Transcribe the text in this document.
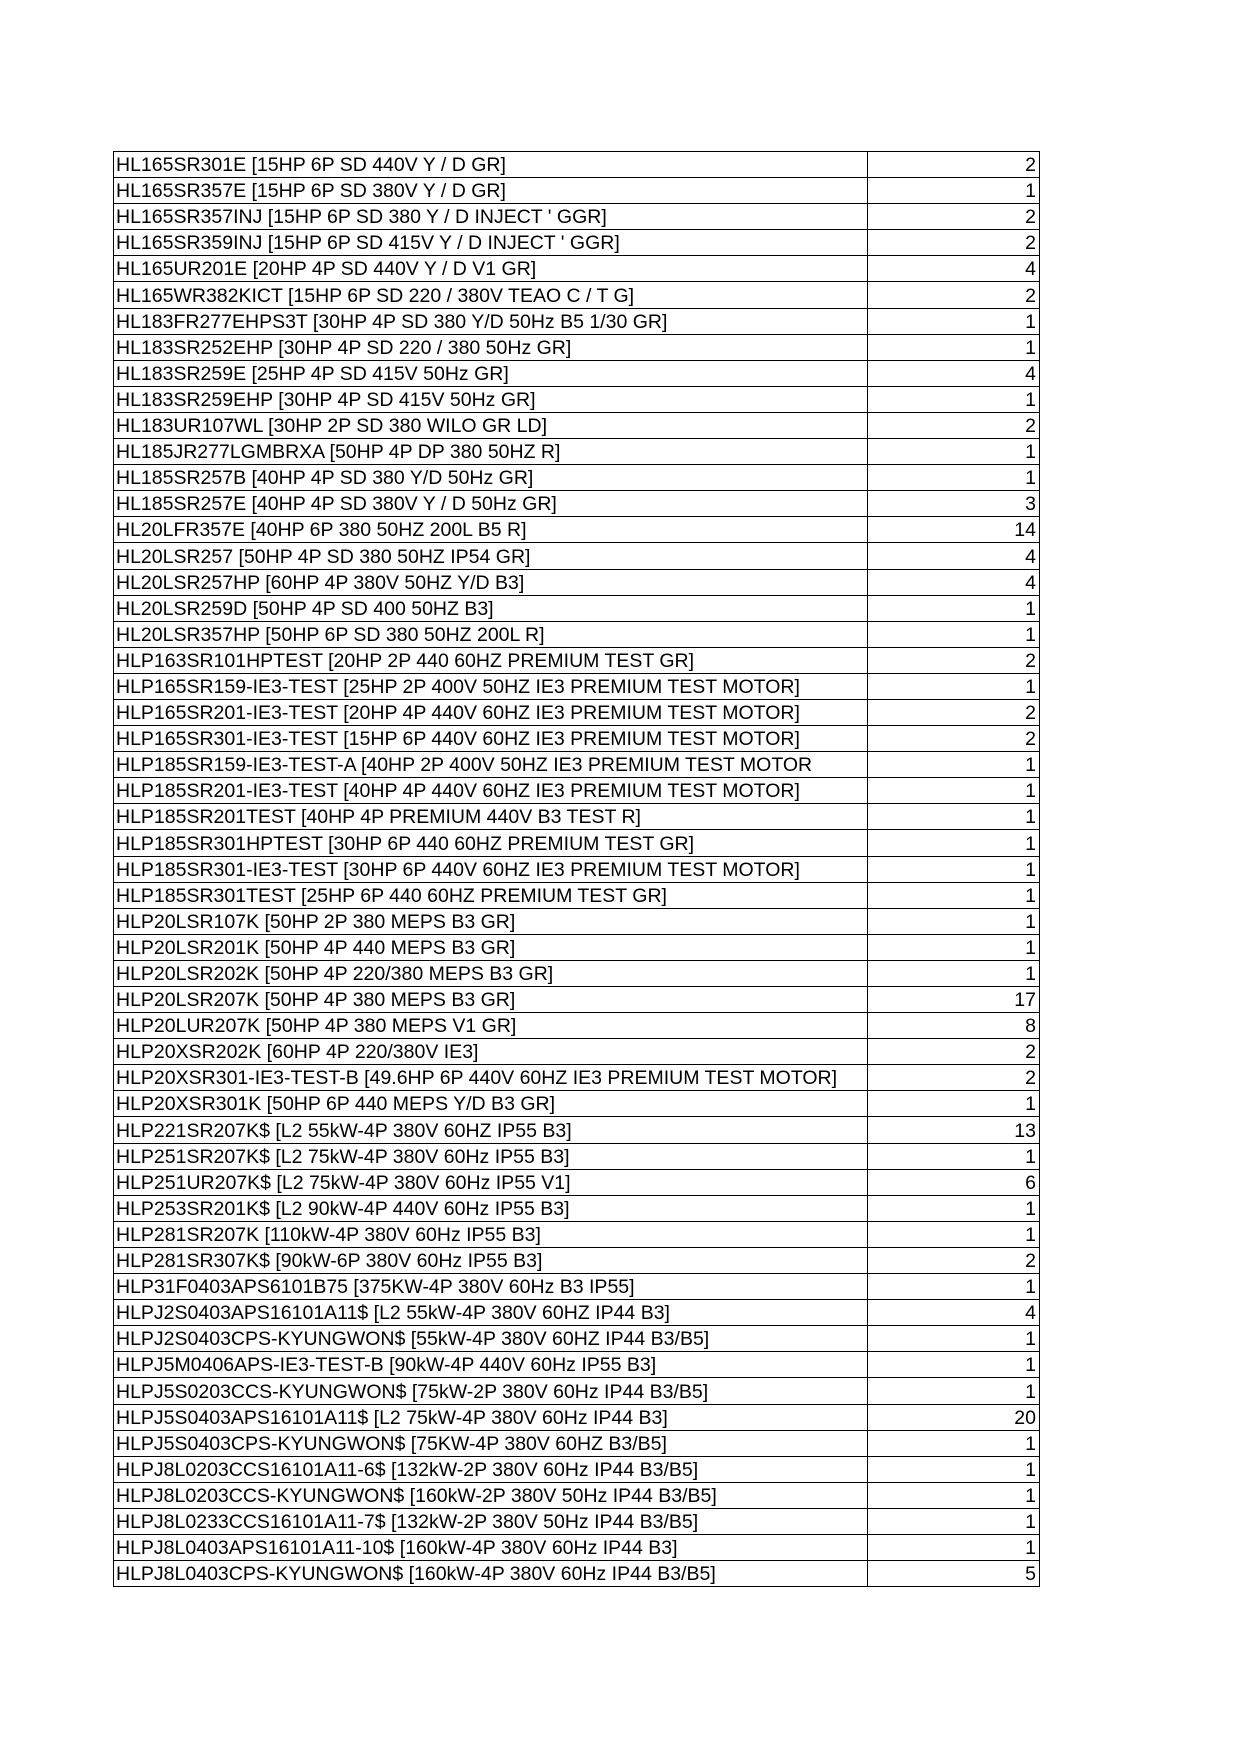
HL165SR301E [15HP 6P SD 440V Y / D GR]	2
HL165SR357E [15HP 6P SD 380V Y / D GR]	1
HL165SR357INJ [15HP 6P SD 380 Y / D INJECT ' GGR]	2
HL165SR359INJ [15HP 6P SD 415V Y / D INJECT ' GGR]	2
HL165UR201E [20HP 4P SD 440V Y / D V1 GR]	4
HL165WR382KICT [15HP 6P SD 220 / 380V TEAO C / T G]	2
HL183FR277EHPS3T [30HP 4P SD 380 Y/D 50Hz B5 1/30 GR]	1
HL183SR252EHP [30HP 4P SD 220 / 380 50Hz GR]	1
HL183SR259E [25HP 4P SD 415V 50Hz GR]	4
HL183SR259EHP [30HP 4P SD 415V 50Hz GR]	1
HL183UR107WL [30HP 2P SD 380 WILO GR LD]	2
HL185JR277LGMBRXA [50HP 4P DP 380 50HZ R]	1
HL185SR257B [40HP 4P SD 380 Y/D 50Hz GR]	1
HL185SR257E [40HP 4P SD 380V Y / D 50Hz GR]	3
HL20LFR357E [40HP 6P 380 50HZ 200L B5 R]	14
HL20LSR257 [50HP 4P SD 380 50HZ IP54 GR]	4
HL20LSR257HP [60HP 4P 380V 50HZ Y/D B3]	4
HL20LSR259D [50HP 4P SD 400 50HZ B3]	1
HL20LSR357HP [50HP 6P SD 380 50HZ 200L R]	1
HLP163SR101HPTEST [20HP 2P 440 60HZ PREMIUM TEST GR]	2
HLP165SR159-IE3-TEST [25HP 2P 400V 50HZ IE3 PREMIUM TEST MOTOR]	1
HLP165SR201-IE3-TEST [20HP 4P 440V 60HZ IE3 PREMIUM TEST MOTOR]	2
HLP165SR301-IE3-TEST [15HP 6P 440V 60HZ IE3 PREMIUM TEST MOTOR]	2
HLP185SR159-IE3-TEST-A [40HP 2P 400V 50HZ IE3 PREMIUM TEST MOTOR	1
HLP185SR201-IE3-TEST [40HP 4P 440V 60HZ IE3 PREMIUM TEST MOTOR]	1
HLP185SR201TEST [40HP 4P PREMIUM 440V B3 TEST R]	1
HLP185SR301HPTEST [30HP 6P 440 60HZ PREMIUM TEST GR]	1
HLP185SR301-IE3-TEST [30HP 6P 440V 60HZ IE3 PREMIUM TEST MOTOR]	1
HLP185SR301TEST [25HP 6P 440 60HZ PREMIUM TEST GR]	1
HLP20LSR107K [50HP 2P 380 MEPS B3 GR]	1
HLP20LSR201K [50HP 4P 440 MEPS B3 GR]	1
HLP20LSR202K [50HP 4P 220/380 MEPS B3 GR]	1
HLP20LSR207K [50HP 4P 380 MEPS B3 GR]	17
HLP20LUR207K [50HP 4P 380 MEPS V1 GR]	8
HLP20XSR202K [60HP 4P 220/380V IE3]	2
HLP20XSR301-IE3-TEST-B [49.6HP 6P 440V 60HZ IE3 PREMIUM TEST MOTOR]	2
HLP20XSR301K [50HP 6P 440 MEPS Y/D B3 GR]	1
HLP221SR207K$ [L2 55kW-4P 380V 60HZ IP55 B3]	13
HLP251SR207K$ [L2 75kW-4P 380V 60Hz IP55 B3]	1
HLP251UR207K$ [L2 75kW-4P 380V 60Hz IP55 V1]	6
HLP253SR201K$ [L2 90kW-4P 440V 60Hz IP55 B3]	1
HLP281SR207K [110kW-4P 380V 60Hz IP55 B3]	1
HLP281SR307K$ [90kW-6P 380V 60Hz IP55 B3]	2
HLP31F0403APS6101B75 [375KW-4P 380V 60Hz B3 IP55]	1
HLPJ2S0403APS16101A11$ [L2 55kW-4P 380V 60HZ IP44 B3]	4
HLPJ2S0403CPS-KYUNGWON$ [55kW-4P 380V 60HZ IP44 B3/B5]	1
HLPJ5M0406APS-IE3-TEST-B [90kW-4P 440V 60Hz IP55 B3]	1
HLPJ5S0203CCS-KYUNGWON$ [75kW-2P 380V 60Hz IP44 B3/B5]	1
HLPJ5S0403APS16101A11$ [L2 75kW-4P 380V 60Hz IP44 B3]	20
HLPJ5S0403CPS-KYUNGWON$ [75KW-4P 380V 60HZ B3/B5]	1
HLPJ8L0203CCS16101A11-6$ [132kW-2P 380V 60Hz IP44 B3/B5]	1
HLPJ8L0203CCS-KYUNGWON$ [160kW-2P 380V 50Hz IP44 B3/B5]	1
HLPJ8L0233CCS16101A11-7$ [132kW-2P 380V 50Hz IP44 B3/B5]	1
HLPJ8L0403APS16101A11-10$ [160kW-4P 380V 60Hz IP44 B3]	1
HLPJ8L0403CPS-KYUNGWON$ [160kW-4P 380V 60Hz IP44 B3/B5]	5
